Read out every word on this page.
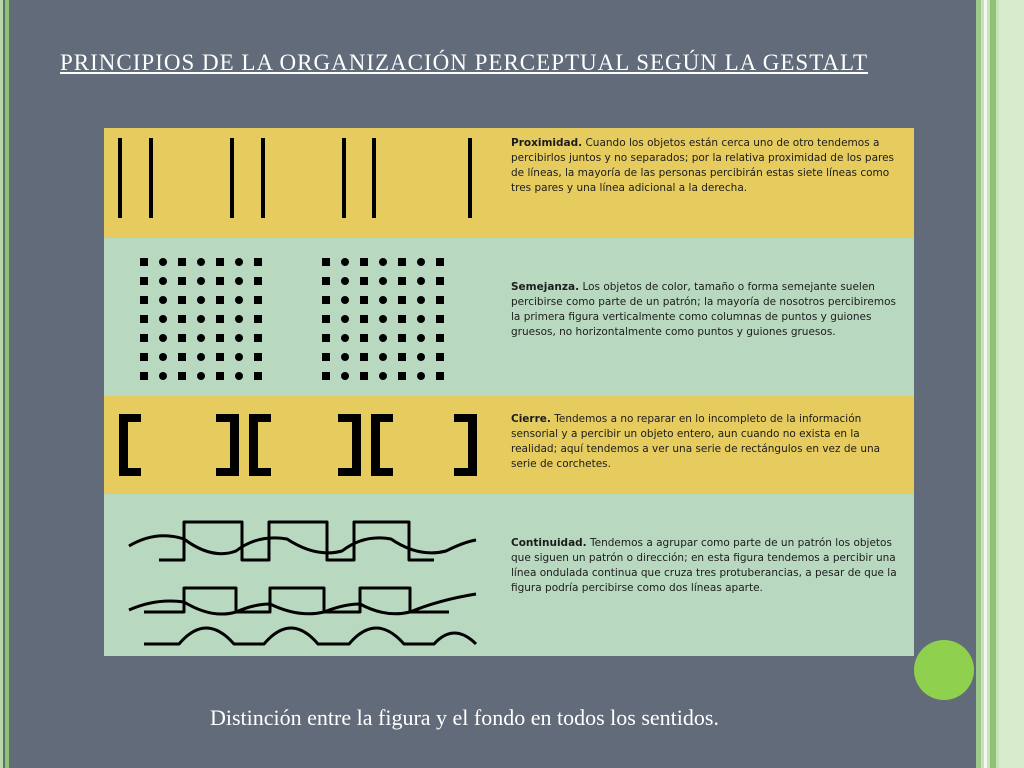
PRINCIPIOS DE LA ORGANIZACIÓN PERCEPTUAL SEGÚN LA GESTALT

Proximidad. Cuando los objetos están cerca uno de otro tendemos a percibirlos juntos y no separados; por la relativa proximidad de los pares de líneas, la mayoría de las personas percibirán estas siete líneas como tres pares y una línea adicional a la derecha.

Semejanza. Los objetos de color, tamaño o forma semejante suelen percibirse como parte de un patrón; la mayoría de nosotros percibiremos la primera figura verticalmente como columnas de puntos y guiones gruesos, no horizontalmente como puntos y guiones gruesos.

Cierre. Tendemos a no reparar en lo incompleto de la información sensorial y a percibir un objeto entero, aun cuando no exista en la realidad; aquí tendemos a ver una serie de rectángulos en vez de una serie de corchetes.

Continuidad. Tendemos a agrupar como parte de un patrón los objetos que siguen un patrón o dirección; en esta figura tendemos a percibir una línea ondulada continua que cruza tres protuberancias, a pesar de que la figura podría percibirse como dos líneas aparte.

Distinción entre la figura y el fondo en todos los sentidos.
